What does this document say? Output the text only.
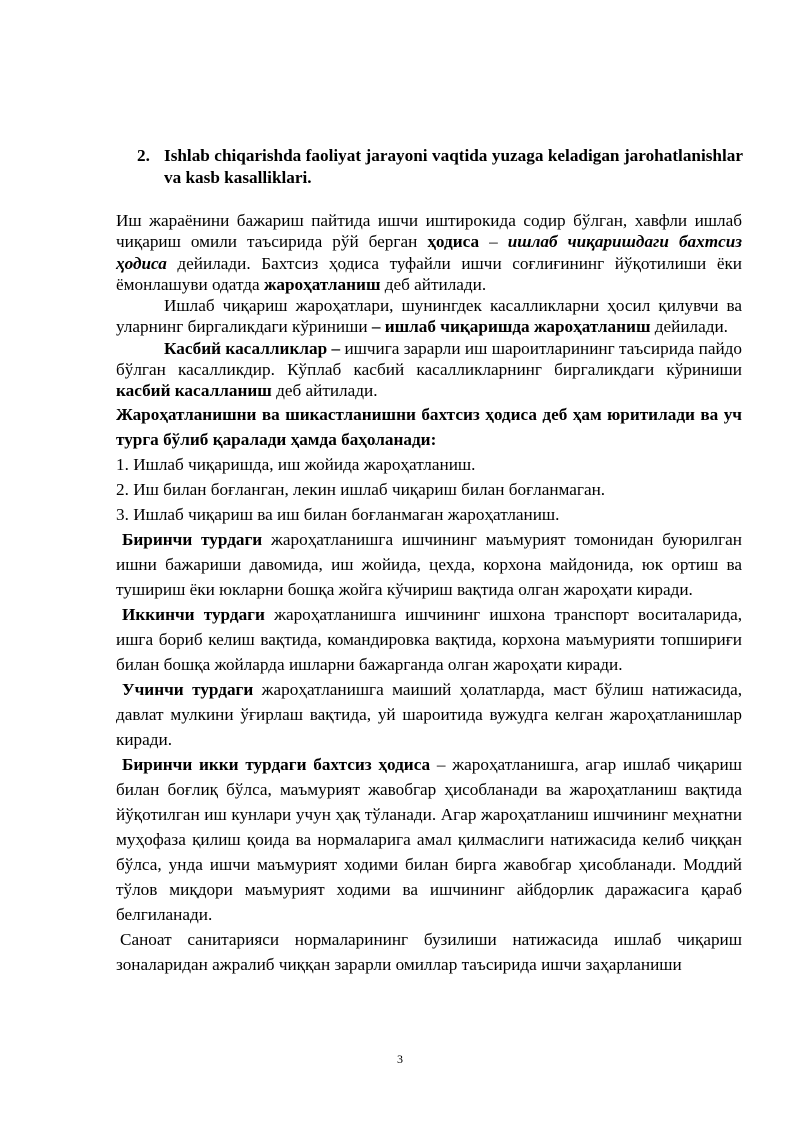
2. Ishlab chiqarishda faoliyat jarayoni vaqtida yuzaga keladigan jarohatlanishlar va kasb kasalliklari.

Иш жараёнини бажариш пайтида ишчи иштирокида содир бўлган, хавфли ишлаб чиқариш омили таъсирида рўй берган ҳодиса – ишлаб чиқаришдаги бахтсиз ҳодиса дейилади. Бахтсиз ҳодиса туфайли ишчи соғлиғининг йўқотилиши ёки ёмонлашуви одатда жароҳатланиш деб айтилади.

Ишлаб чиқариш жароҳатлари, шунингдек касалликларни ҳосил қилувчи ва уларнинг биргаликдаги кўриниши – ишлаб чиқаришда жароҳатланиш дейилади.

Касбий касалликлар – ишчига зарарли иш шароитларининг таъсирида пайдо бўлган касалликдир. Кўплаб касбий касалликларнинг биргаликдаги кўриниши касбий касалланиш деб айтилади.

Жароҳатланишни ва шикастланишни бахтсиз ҳодиса деб ҳам юритилади ва уч турга бўлиб қаралади ҳамда баҳоланади:

1. Ишлаб чиқаришда, иш жойида жароҳатланиш.

2. Иш билан боғланган, лекин ишлаб чиқариш билан боғланмаган.

3. Ишлаб чиқариш ва иш билан боғланмаган жароҳатланиш.

Биринчи турдаги жароҳатланишга ишчининг маъмурият томонидан буюрилган ишни бажариши давомида, иш жойида, цехда, корхона майдонида, юк ортиш ва тушириш ёки юкларни бошқа жойга кўчириш вақтида олган жароҳати киради.

Иккинчи турдаги жароҳатланишга ишчининг ишхона транспорт воситаларида, ишга бориб келиш вақтида, командировка вақтида, корхона маъмурияти топшириғи билан бошқа жойларда ишларни бажарганда олган жароҳати киради.

Учинчи турдаги жароҳатланишга маиший ҳолатларда, маст бўлиш натижасида, давлат мулкини ўғирлаш вақтида, уй шароитида вужудга келган жароҳатланишлар киради.

Биринчи икки турдаги бахтсиз ҳодиса – жароҳатланишга, агар ишлаб чиқариш билан боғлиқ бўлса, маъмурият жавобгар ҳисобланади ва жароҳатланиш вақтида йўқотилган иш кунлари учун ҳақ тўланади. Агар жароҳатланиш ишчининг меҳнатни муҳофаза қилиш қоида ва нормаларига амал қилмаслиги натижасида келиб чиққан бўлса, унда ишчи маъмурият ходими билан бирга жавобгар ҳисобланади. Моддий тўлов миқдори маъмурият ходими ва ишчининг айбдорлик даражасига қараб белгиланади.

Саноат санитарияси нормаларининг бузилиши натижасида ишлаб чиқариш зоналаридан ажралиб чиққан зарарли омиллар таъсирида ишчи заҳарланиши

3
